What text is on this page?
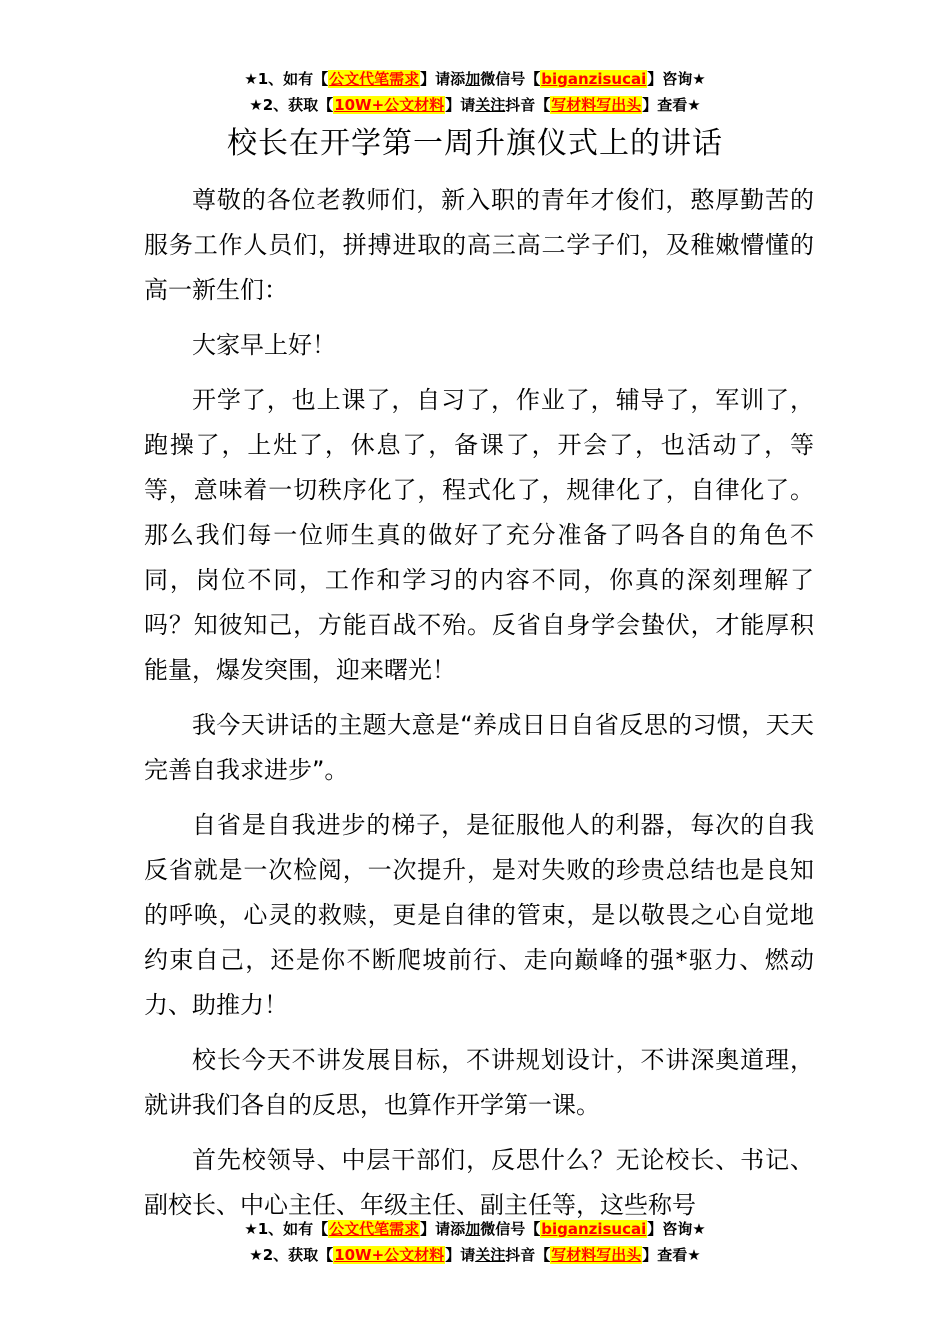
★1、如有【公文代笔需求】请添加微信号【biganzisucai】咨询★
★2、获取【10W+公文材料】请关注抖音【写材料写出头】查看★
校长在开学第一周升旗仪式上的讲话

尊敬的各位老教师们，新入职的青年才俊们，憨厚勤苦的服务工作人员们，拼搏进取的高三高二学子们，及稚嫩懵懂的高一新生们：

大家早上好！

开学了，也上课了，自习了，作业了，辅导了，军训了，跑操了，上灶了，休息了，备课了，开会了，也活动了，等等，意味着一切秩序化了，程式化了，规律化了，自律化了。那么我们每一位师生真的做好了充分准备了吗各自的角色不同，岗位不同，工作和学习的内容不同，你真的深刻理解了吗？知彼知己，方能百战不殆。反省自身学会蛰伏，才能厚积能量，爆发突围，迎来曙光！

我今天讲话的主题大意是“养成日日自省反思的习惯，天天完善自我求进步”。

自省是自我进步的梯子，是征服他人的利器，每次的自我反省就是一次检阅，一次提升，是对失败的珍贵总结也是良知的呼唤，心灵的救赎，更是自律的管束，是以敬畏之心自觉地约束自己，还是你不断爬坡前行、走向巅峰的强*驱力、燃动力、助推力！

校长今天不讲发展目标，不讲规划设计，不讲深奥道理，就讲我们各自的反思，也算作开学第一课。

首先校领导、中层干部们，反思什么？无论校长、书记、副校长、中心主任、年级主任、副主任等，这些称号

★1、如有【公文代笔需求】请添加微信号【biganzisucai】咨询★
★2、获取【10W+公文材料】请关注抖音【写材料写出头】查看★
